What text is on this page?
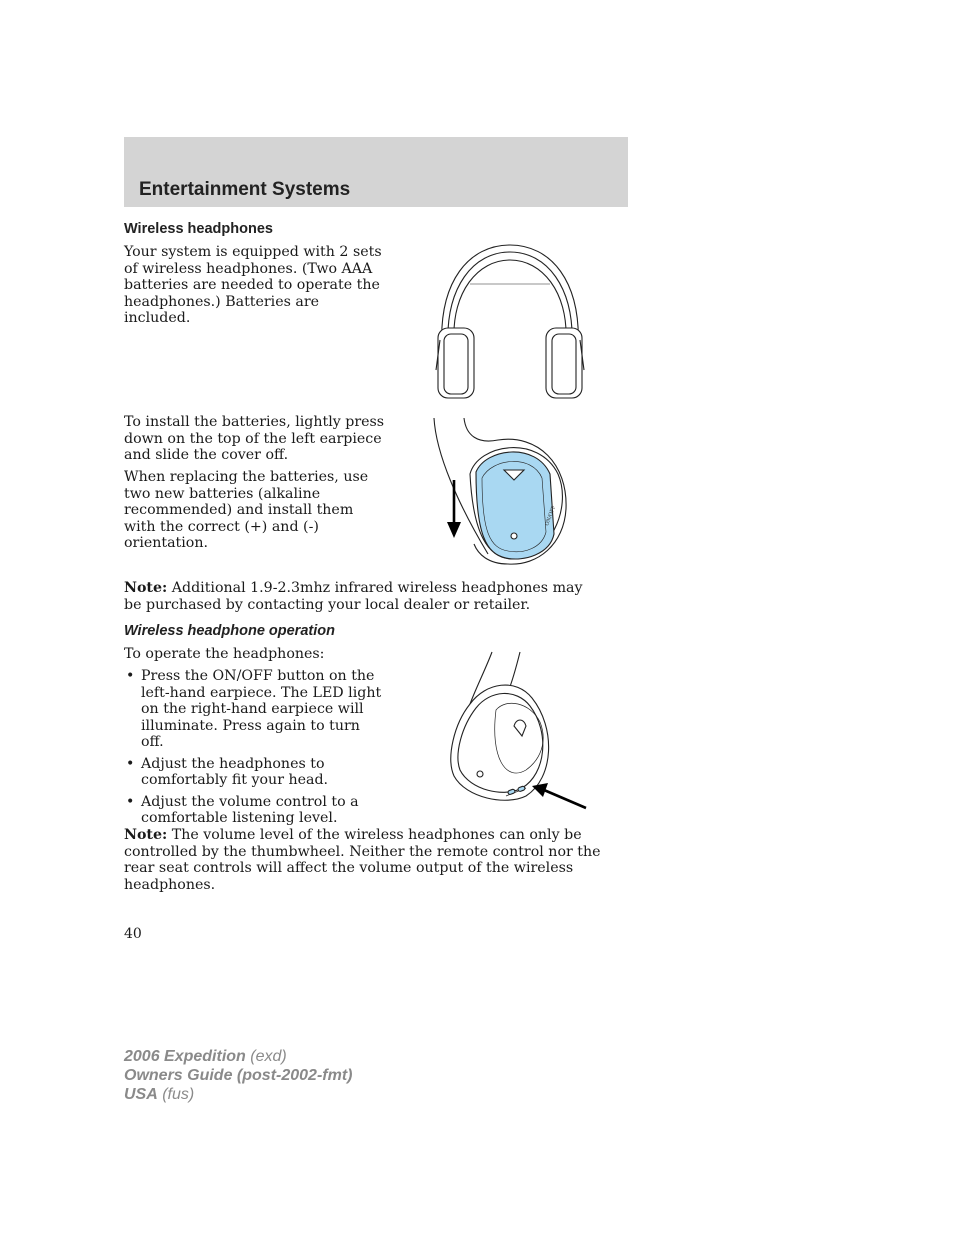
Entertainment Systems
Wireless headphones

Your system is equipped with 2 sets of wireless headphones. (Two AAA batteries are needed to operate the headphones.) Batteries are included.

To install the batteries, lightly press down on the top of the left earpiece and slide the cover off.

When replacing the batteries, use two new batteries (alkaline recommended) and install them with the correct (+) and (-) orientation.

ON/OFF

Note: Additional 1.9-2.3mhz infrared wireless headphones may be purchased by contacting your local dealer or retailer.

Wireless headphone operation

To operate the headphones:

• Press the ON/OFF button on the left-hand earpiece. The LED light on the right-hand earpiece will illuminate. Press again to turn off.
• Adjust the headphones to comfortably fit your head.
• Adjust the volume control to a comfortable listening level.

Note: The volume level of the wireless headphones can only be controlled by the thumbwheel. Neither the remote control nor the rear seat controls will affect the volume output of the wireless headphones.

40
2006 Expedition (exd)
Owners Guide (post-2002-fmt)
USA (fus)
